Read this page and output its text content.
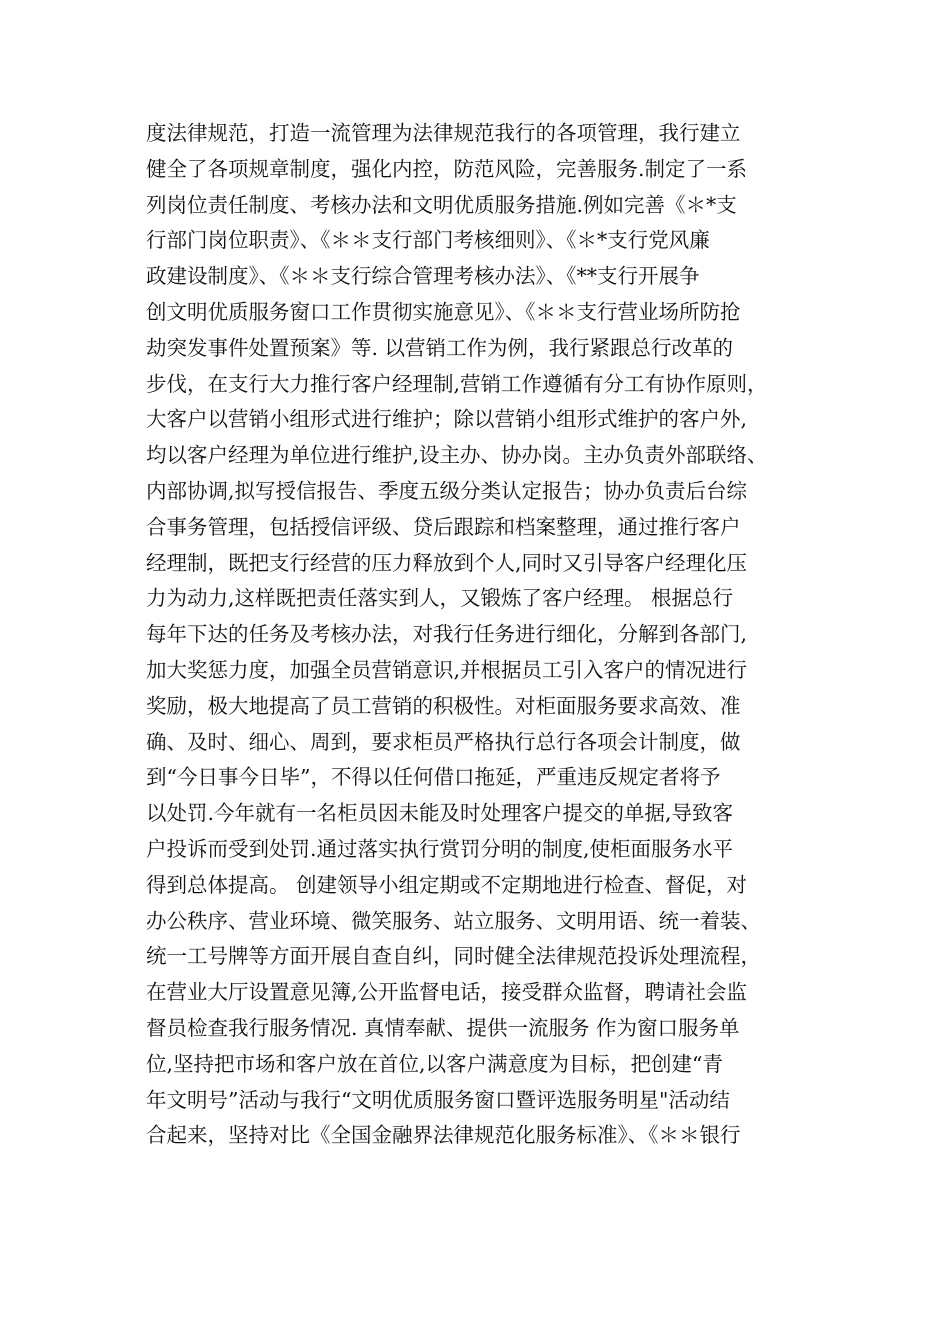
度法律规范，打造一流管理为法律规范我行的各项管理，我行建立
健全了各项规章制度，强化内控，防范风险，完善服务.制定了一系
列岗位责任制度、考核办法和文明优质服务措施.例如完善《＊*支
行部门岗位职责》、《＊＊支行部门考核细则》、《＊*支行党风廉
政建设制度》、《＊＊支行综合管理考核办法》、《**支行开展争
创文明优质服务窗口工作贯彻实施意见》、《＊＊支行营业场所防抢
劫突发事件处置预案》等. 以营销工作为例，我行紧跟总行改革的
步伐，在支行大力推行客户经理制,营销工作遵循有分工有协作原则，
大客户以营销小组形式进行维护；除以营销小组形式维护的客户外,
均以客户经理为单位进行维护,设主办、协办岗。主办负责外部联络、
内部协调,拟写授信报告、季度五级分类认定报告；协办负责后台综
合事务管理，包括授信评级、贷后跟踪和档案整理，通过推行客户
经理制，既把支行经营的压力释放到个人,同时又引导客户经理化压
力为动力,这样既把责任落实到人，又锻炼了客户经理。 根据总行
每年下达的任务及考核办法，对我行任务进行细化，分解到各部门,
加大奖惩力度，加强全员营销意识,并根据员工引入客户的情况进行
奖励，极大地提高了员工营销的积极性。对柜面服务要求高效、准
确、及时、细心、周到，要求柜员严格执行总行各项会计制度，做
到“今日事今日毕”，不得以任何借口拖延，严重违反规定者将予
以处罚.今年就有一名柜员因未能及时处理客户提交的单据,导致客
户投诉而受到处罚.通过落实执行赏罚分明的制度,使柜面服务水平
得到总体提高。 创建领导小组定期或不定期地进行检查、督促，对
办公秩序、营业环境、微笑服务、站立服务、文明用语、统一着装、
统一工号牌等方面开展自查自纠，同时健全法律规范投诉处理流程，
在营业大厅设置意见簿,公开监督电话，接受群众监督，聘请社会监
督员检查我行服务情况. 真情奉献、提供一流服务 作为窗口服务单
位,坚持把市场和客户放在首位,以客户满意度为目标，把创建“青
年文明号”活动与我行“文明优质服务窗口暨评选服务明星"活动结
合起来，坚持对比《全国金融界法律规范化服务标准》、《＊＊银行
